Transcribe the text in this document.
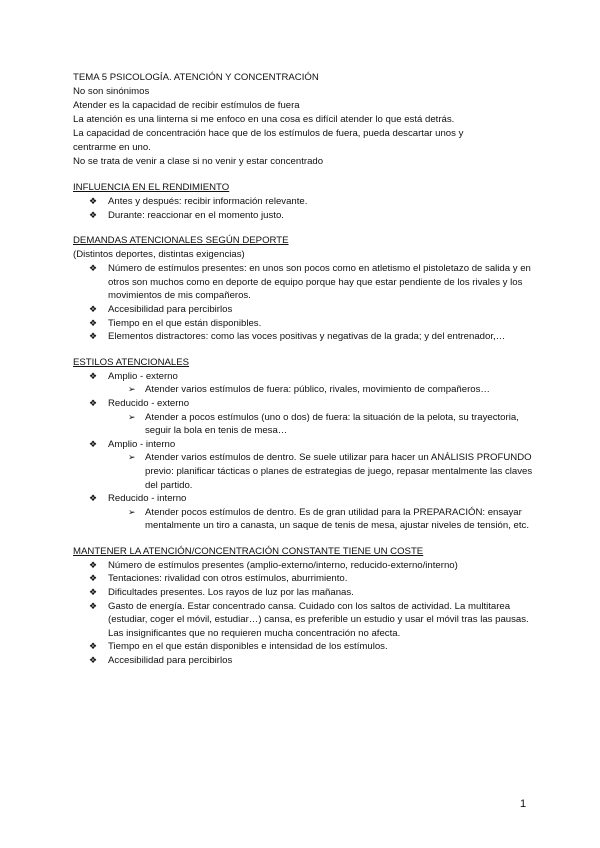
TEMA 5 PSICOLOGÍA. ATENCIÓN Y CONCENTRACIÓN
No son sinónimos
Atender es la capacidad de recibir estímulos de fuera
La atención es una linterna si me enfoco en una cosa es difícil atender lo que está detrás.
La capacidad de concentración hace que de los estímulos de fuera, pueda descartar unos y centrarme en uno.
No se trata de venir a clase si no venir y estar concentrado
INFLUENCIA EN EL RENDIMIENTO
❖ Antes y después: recibir información relevante.
❖ Durante: reaccionar en el momento justo.
DEMANDAS ATENCIONALES SEGÚN DEPORTE
(Distintos deportes, distintas exigencias)
❖ Número de estímulos presentes: en unos son pocos como en atletismo el pistoletazo de salida y en otros son muchos como en deporte de equipo porque hay que estar pendiente de los rivales y los movimientos de mis compañeros.
❖ Accesibilidad para percibirlos
❖ Tiempo en el que están disponibles.
❖ Elementos distractores: como las voces positivas y negativas de la grada; y del entrenador,…
ESTILOS ATENCIONALES
❖ Amplio - externo
➢ Atender varios estímulos de fuera: público, rivales, movimiento de compañeros…
❖ Reducido - externo
➢ Atender a pocos estímulos (uno o dos) de fuera: la situación de la pelota, su trayectoria, seguir la bola en tenis de mesa…
❖ Amplio - interno
➢ Atender varios estímulos de dentro. Se suele utilizar para hacer un ANÁLISIS PROFUNDO previo: planificar tácticas o planes de estrategias de juego, repasar mentalmente las claves del partido.
❖ Reducido - interno
➢ Atender pocos estímulos de dentro. Es de gran utilidad para la PREPARACIÓN: ensayar mentalmente un tiro a canasta, un saque de tenis de mesa, ajustar niveles de tensión, etc.
MANTENER LA ATENCIÓN/CONCENTRACIÓN CONSTANTE TIENE UN COSTE
❖ Número de estímulos presentes (amplio-externo/interno, reducido-externo/interno)
❖ Tentaciones: rivalidad con otros estímulos, aburrimiento.
❖ Dificultades presentes. Los rayos de luz por las mañanas.
❖ Gasto de energía. Estar concentrado cansa. Cuidado con los saltos de actividad. La multitarea (estudiar, coger el móvil, estudiar…) cansa, es preferible un estudio y usar el móvil tras las pausas. Las insignificantes que no requieren mucha concentración no afecta.
❖ Tiempo en el que están disponibles e intensidad de los estímulos.
❖ Accesibilidad para percibirlos
1
